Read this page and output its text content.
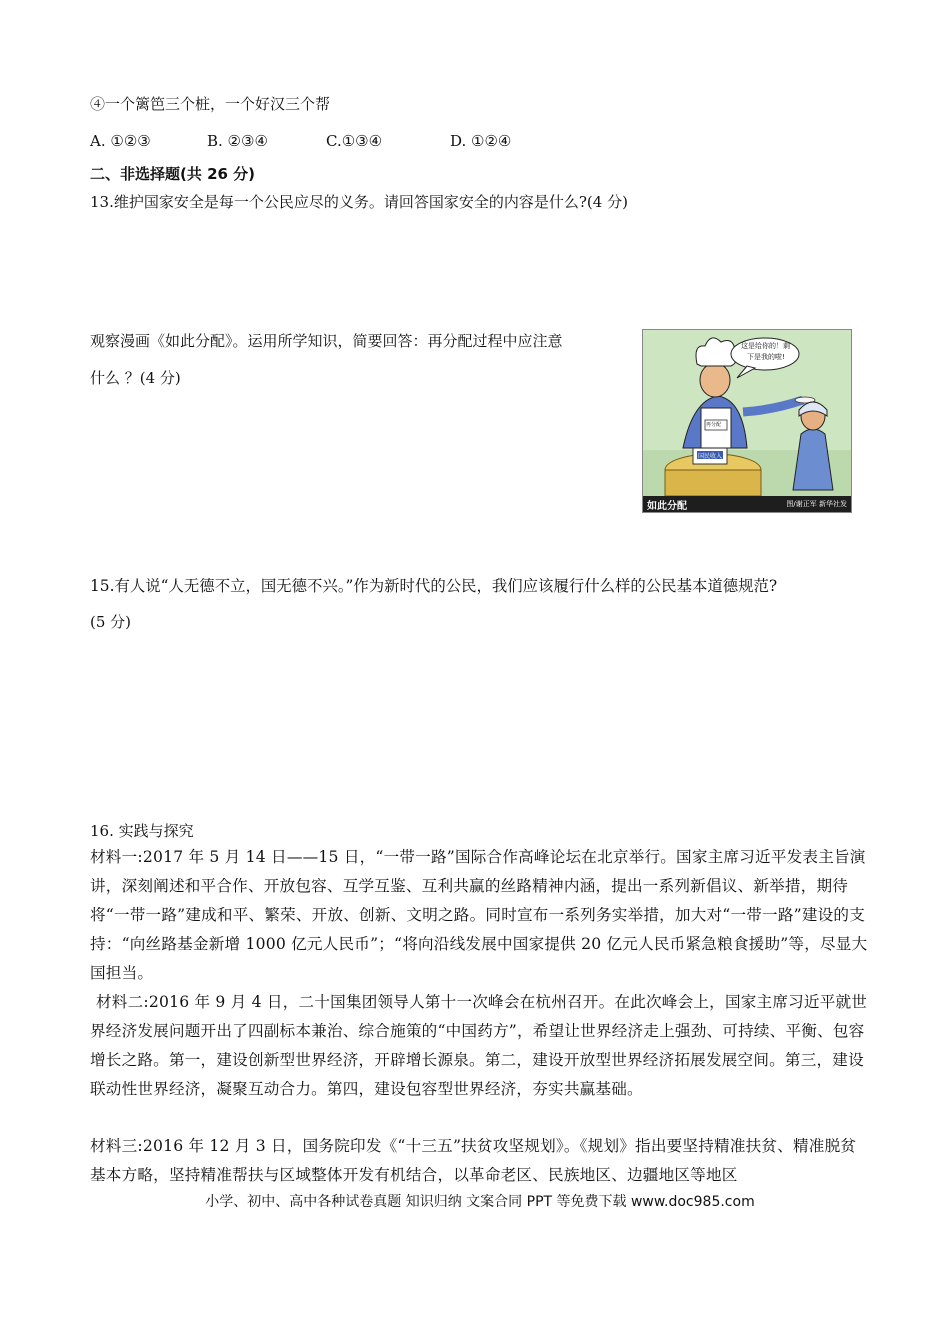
④一个篱笆三个桩，一个好汉三个帮
A. ①②③	B. ②③④	C.①③④	D. ①②④
二、非选择题(共 26 分)
13.维护国家安全是每一个公民应尽的义务。请回答国家安全的内容是什么?(4 分)
观察漫画《如此分配》。运用所学知识，简要回答：再分配过程中应注意
什么 ？(4 分)
这是给你的！剩
下是我的啦!
再分配
国民收入
如此分配	图/谢正军 新华社发
15.有人说“人无德不立，国无德不兴。”作为新时代的公民，我们应该履行什么样的公民基本道德规范?
(5 分)
16. 实践与探究

材料一:2017 年 5 月 14 日——15 日，“一带一路”国际合作高峰论坛在北京举行。国家主席习近平发表主旨演讲，深刻阐述和平合作、开放包容、互学互鉴、互利共赢的丝路精神内涵，提出一系列新倡议、新举措，期待将“一带一路”建成和平、繁荣、开放、创新、文明之路。同时宣布一系列务实举措，加大对“一带一路”建设的支持：“向丝路基金新增 1000 亿元人民币”；“将向沿线发展中国家提供 20 亿元人民币紧急粮食援助”等，尽显大国担当。

材料二:2016 年 9 月 4 日，二十国集团领导人第十一次峰会在杭州召开。在此次峰会上，国家主席习近平就世界经济发展问题开出了四副标本兼治、综合施策的“中国药方”，希望让世界经济走上强劲、可持续、平衡、包容增长之路。第一，建设创新型世界经济，开辟增长源泉。第二，建设开放型世界经济拓展发展空间。第三，建设联动性世界经济，凝聚互动合力。第四，建设包容型世界经济，夯实共赢基础。

材料三:2016 年 12 月 3 日，国务院印发《“十三五”扶贫攻坚规划》。《规划》指出要坚持精准扶贫、精准脱贫基本方略，坚持精准帮扶与区域整体开发有机结合，以革命老区、民族地区、边疆地区等地区

小学、初中、高中各种试卷真题 知识归纳 文案合同 PPT 等免费下载 www.doc985.com
